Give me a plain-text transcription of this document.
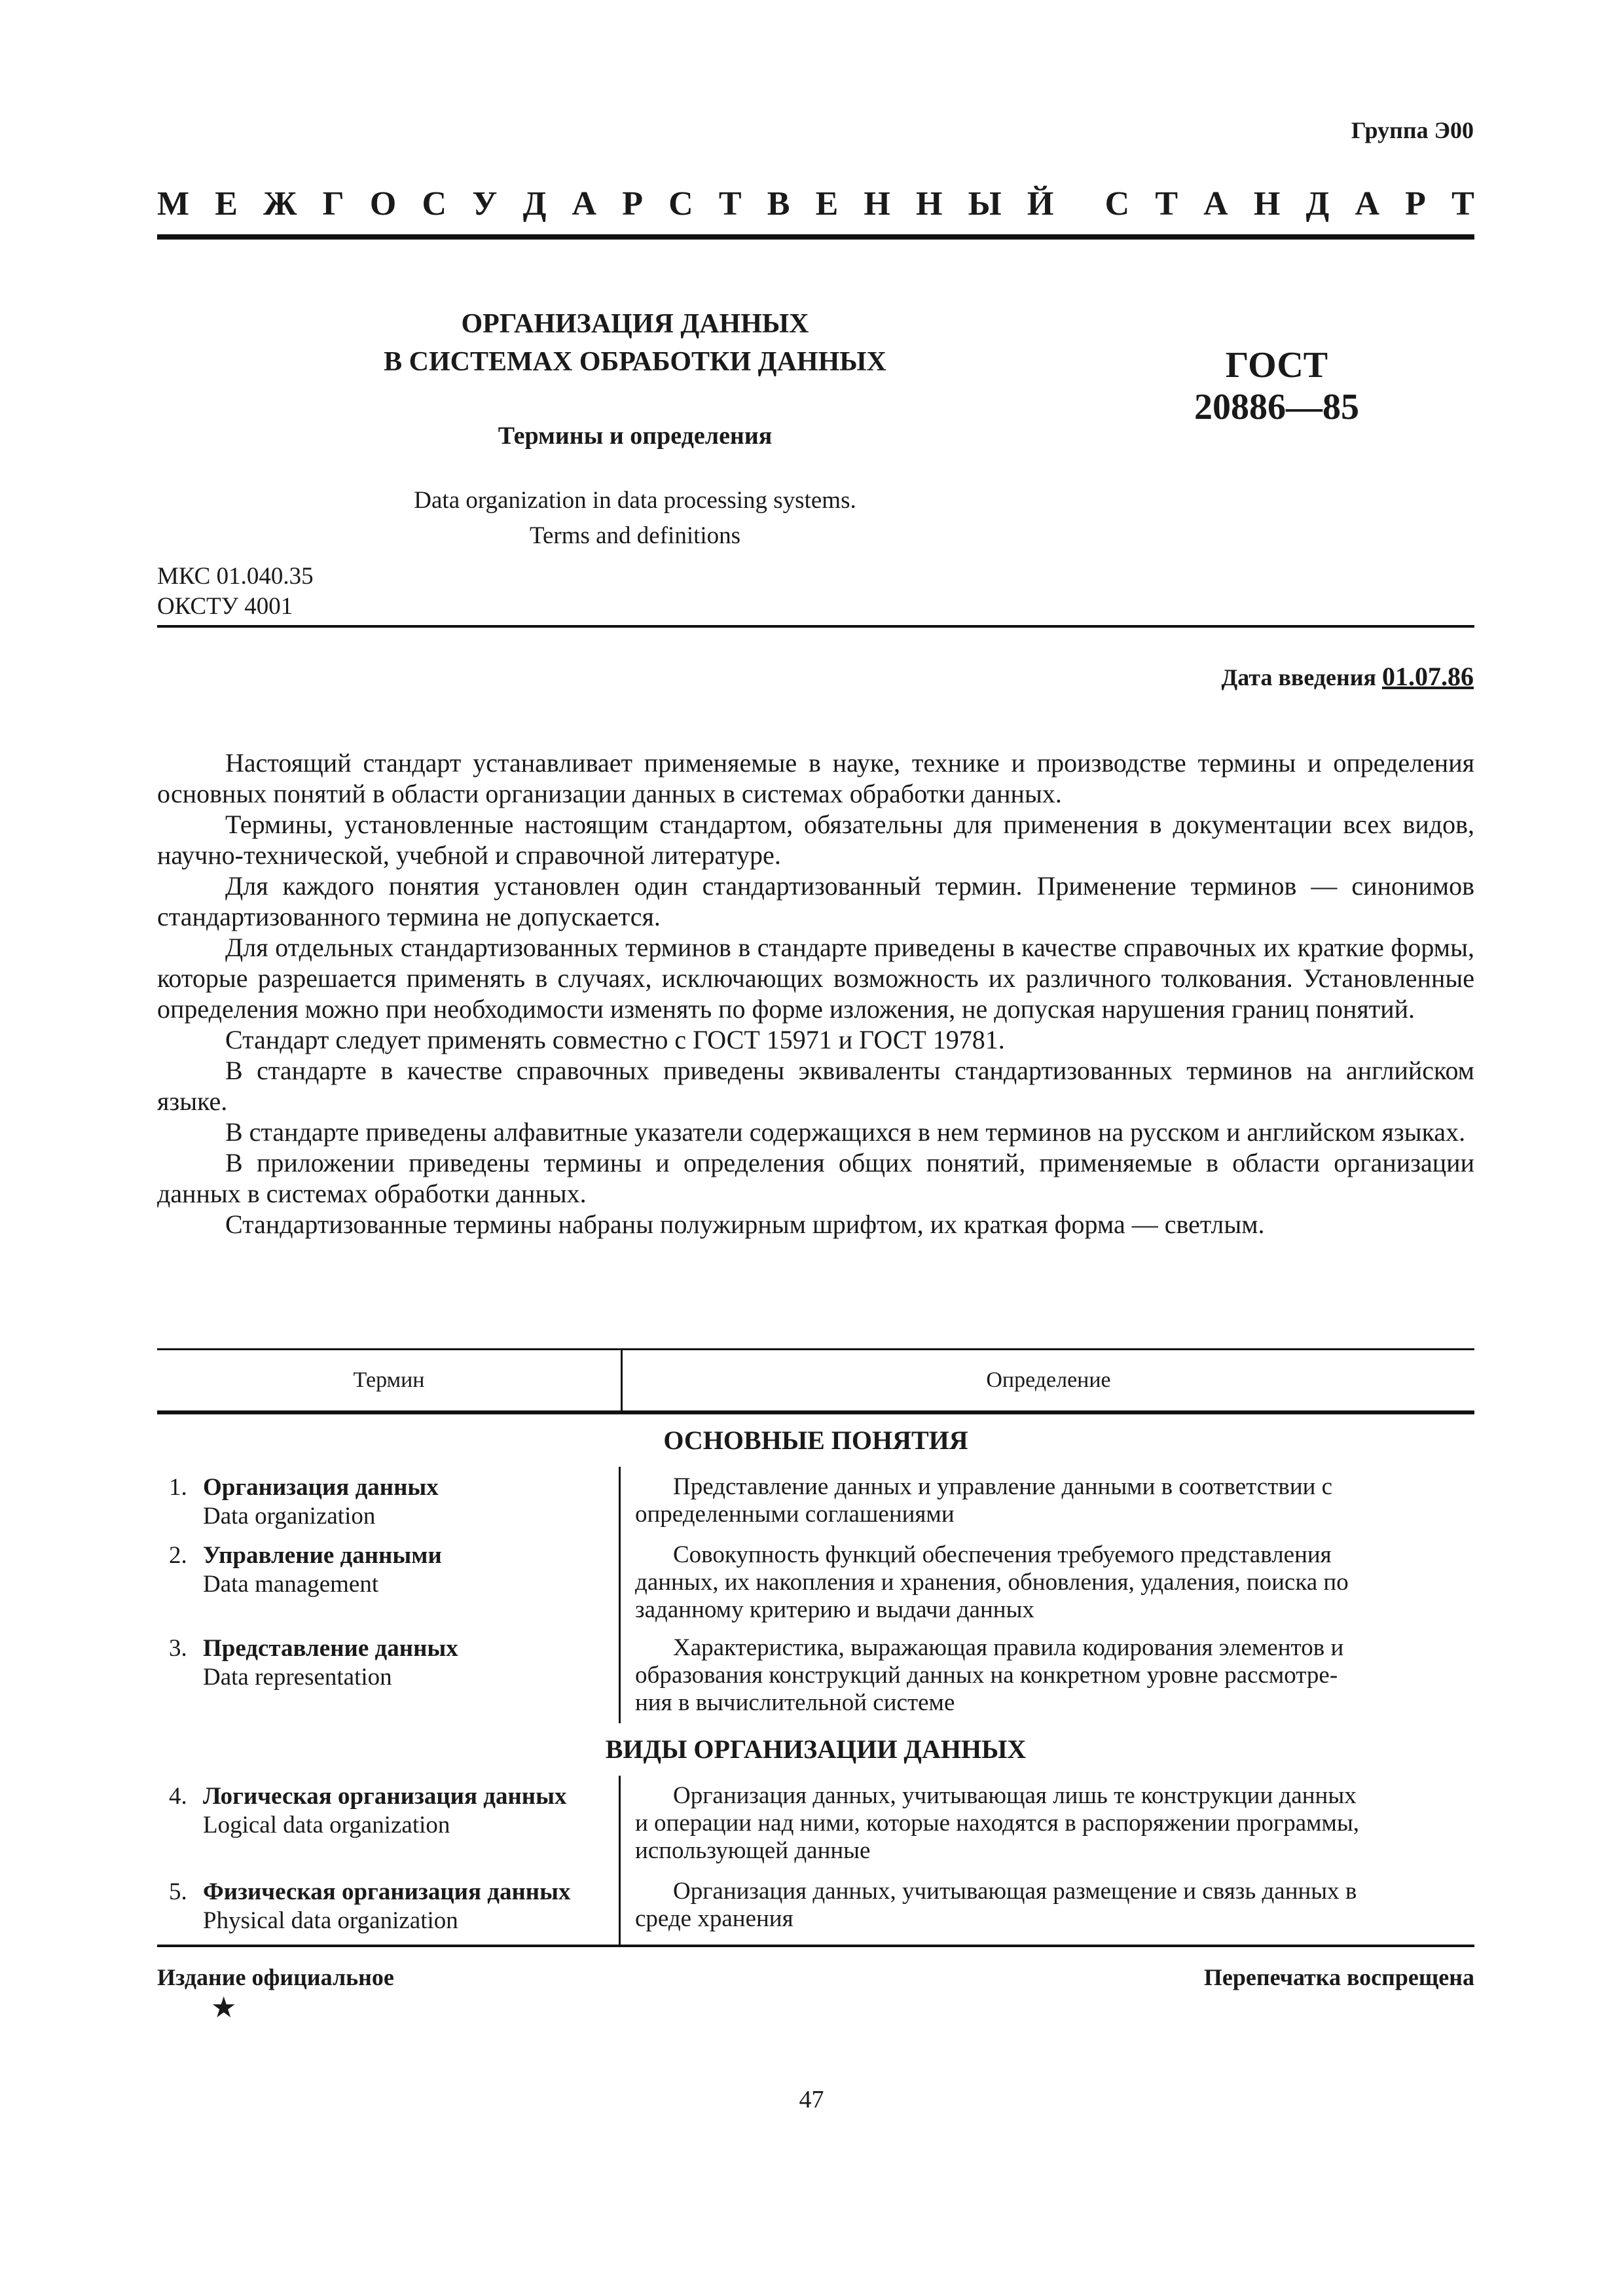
Группа Э00
М Е Ж Г О С У Д А Р С Т В Е Н Н Ы Й С Т А Н Д А Р Т
ОРГАНИЗАЦИЯ ДАННЫХ
В СИСТЕМАХ ОБРАБОТКИ ДАННЫХ
Термины и определения
Data organization in data processing systems.
Terms and definitions
ГОСТ
20886—85
МКС 01.040.35
ОКСТУ 4001
Дата введения 01.07.86

Настоящий стандарт устанавливает применяемые в науке, технике и производстве термины и определения основных понятий в области организации данных в системах обработки данных.

Термины, установленные настоящим стандартом, обязательны для применения в документации всех видов, научно-технической, учебной и справочной литературе.

Для каждого понятия установлен один стандартизованный термин. Применение терминов — синонимов стандартизованного термина не допускается.

Для отдельных стандартизованных терминов в стандарте приведены в качестве справочных их краткие формы, которые разрешается применять в случаях, исключающих возможность их различного толкования. Установленные определения можно при необходимости изменять по форме изложения, не допуская нарушения границ понятий.

Стандарт следует применять совместно с ГОСТ 15971 и ГОСТ 19781.

В стандарте в качестве справочных приведены эквиваленты стандартизованных терминов на английском языке.

В стандарте приведены алфавитные указатели содержащихся в нем терминов на русском и английском языках.

В приложении приведены термины и определения общих понятий, применяемые в области организации данных в системах обработки данных.

Стандартизованные термины набраны полужирным шрифтом, их краткая форма — светлым.

Термин	Определение
ОСНОВНЫЕ ПОНЯТИЯ
1. Организация данных
Data organization
Представление данных и управление данными в соответствии с
определенными соглашениями
2. Управление данными
Data management
Совокупность функций обеспечения требуемого представления
данных, их накопления и хранения, обновления, удаления, поиска по
заданному критерию и выдачи данных
3. Представление данных
Data representation
Характеристика, выражающая правила кодирования элементов и
образования конструкций данных на конкретном уровне рассмотре-
ния в вычислительной системе
ВИДЫ ОРГАНИЗАЦИИ ДАННЫХ
4. Логическая организация данных
Logical data organization
Организация данных, учитывающая лишь те конструкции данных
и операции над ними, которые находятся в распоряжении программы,
использующей данные
5. Физическая организация данных
Physical data organization
Организация данных, учитывающая размещение и связь данных в
среде хранения
Издание официальное	Перепечатка воспрещена
★
47
